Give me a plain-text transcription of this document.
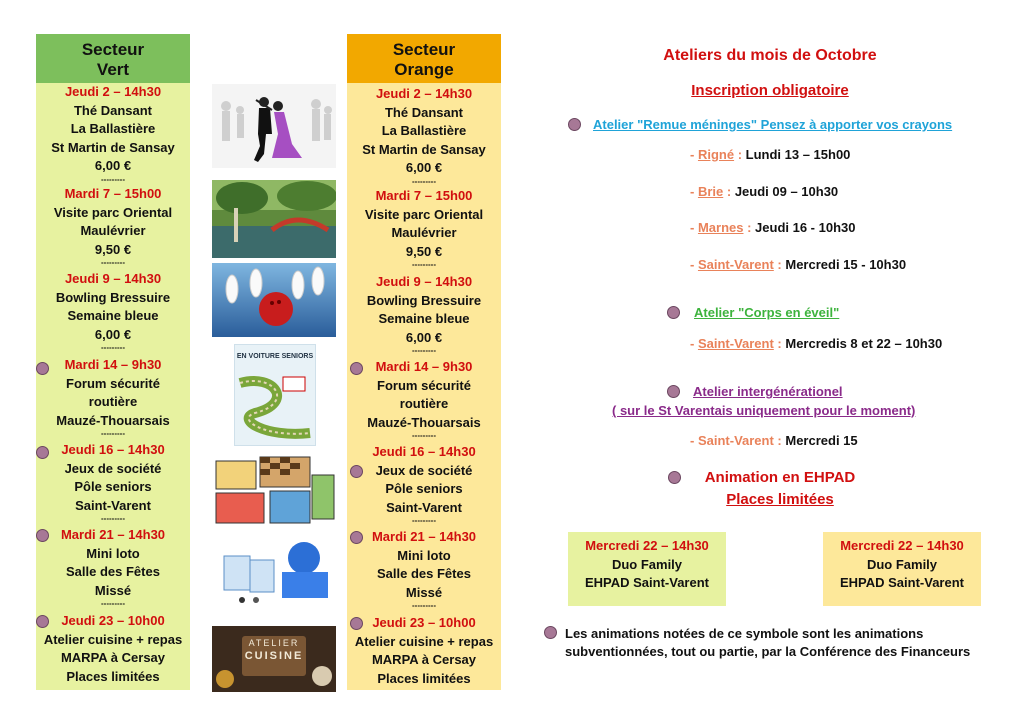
Secteur
Vert
Jeudi 2 – 14h30
Thé Dansant
La Ballastière
St Martin de Sansay
6,00 €
---------
Mardi 7 – 15h00
Visite parc Oriental
Maulévrier
9,50 €
---------
Jeudi 9 – 14h30
Bowling Bressuire
Semaine bleue
6,00 €
---------
Mardi 14 – 9h30
Forum sécurité
routière
Mauzé-Thouarsais
---------
Jeudi 16 – 14h30
Jeux de société
Pôle seniors
Saint-Varent
---------
Mardi 21 – 14h30
Mini loto
Salle des Fêtes
Missé
---------
Jeudi 23 – 10h00
Atelier cuisine + repas
MARPA à Cersay
Places limitées
Secteur
Orange
Jeudi 2 – 14h30
Thé Dansant
La Ballastière
St Martin de Sansay
6,00 €
---------
Mardi 7 – 15h00
Visite parc Oriental
Maulévrier
9,50 €
---------
Jeudi 9 – 14h30
Bowling Bressuire
Semaine bleue
6,00 €
---------
Mardi 14 – 9h30
Forum sécurité
routière
Mauzé-Thouarsais
---------
Jeudi 16 – 14h30
Jeux de société
Pôle seniors
Saint-Varent
---------
Mardi 21 – 14h30
Mini loto
Salle des Fêtes
Missé
---------
Jeudi 23 – 10h00
Atelier cuisine + repas
MARPA à Cersay
Places limitées
EN VOITURE SENIORS
ATELIER
CUISINE
Ateliers du mois de Octobre
Inscription obligatoire
Atelier "Remue méninges" Pensez à apporter vos crayons
- Rigné : Lundi 13 – 15h00
- Brie : Jeudi 09 – 10h30
- Marnes : Jeudi 16 - 10h30
- Saint-Varent : Mercredi 15 - 10h30
Atelier "Corps en éveil"
- Saint-Varent : Mercredis 8 et 22 – 10h30
Atelier intergénérationel
( sur le St Varentais uniquement pour le moment)
- Saint-Varent : Mercredi 15
Animation en EHPAD
Places limitées
Mercredi 22 – 14h30
Duo Family
EHPAD Saint-Varent
Mercredi 22 – 14h30
Duo Family
EHPAD Saint-Varent
Les animations notées de ce symbole sont les animations
subventionnées, tout ou partie, par la Conférence des Financeurs
